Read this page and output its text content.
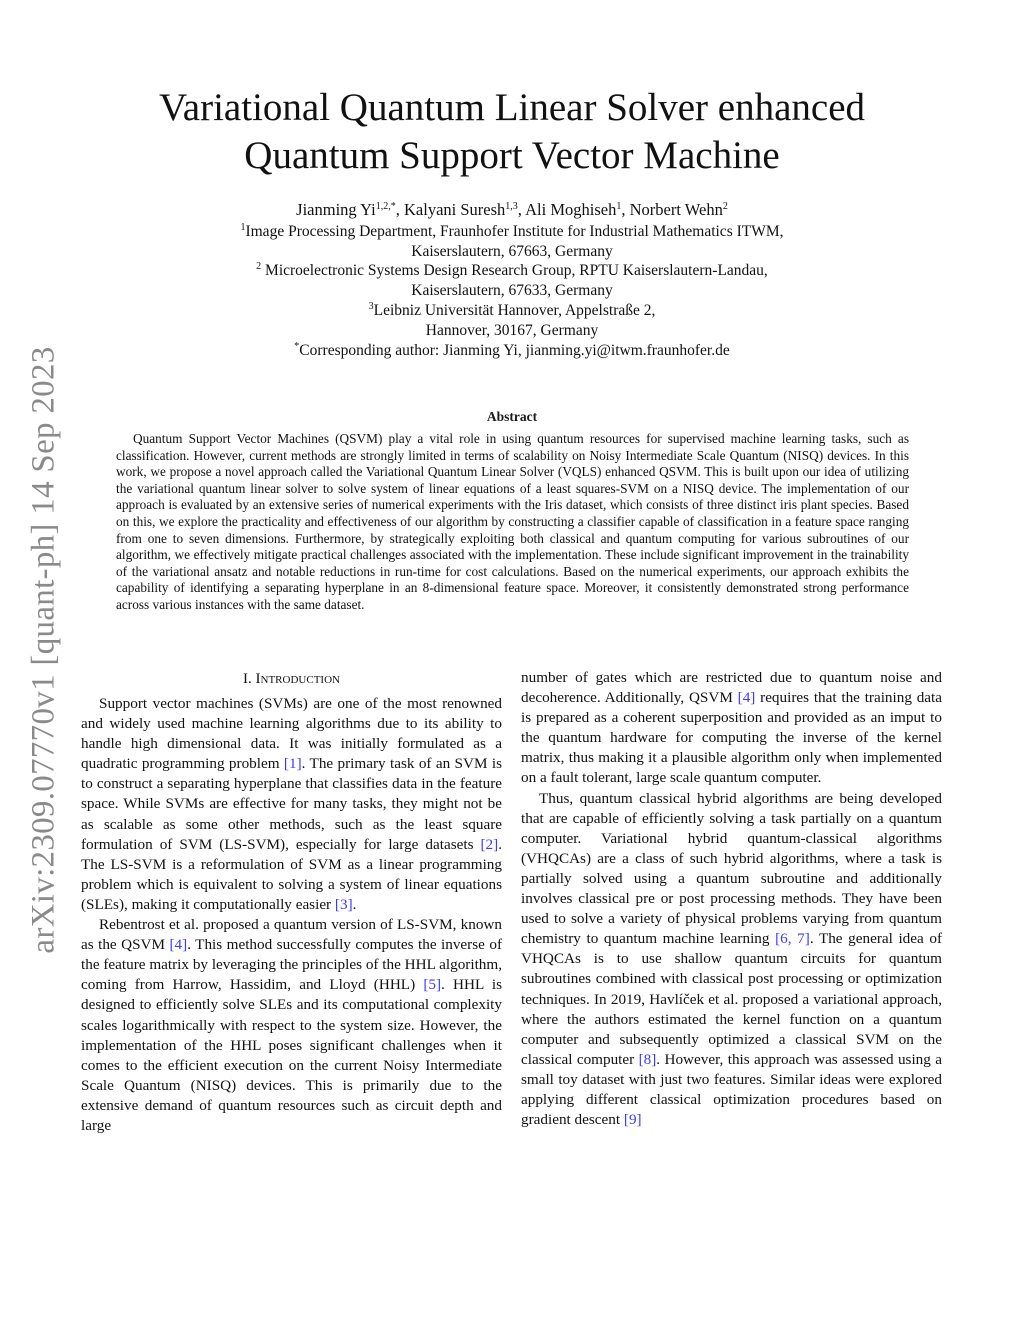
arXiv:2309.07770v1 [quant-ph] 14 Sep 2023
Variational Quantum Linear Solver enhanced
Quantum Support Vector Machine
Jianming $Yi^{1,2,*}$, Kalyani Suresh$^{1,3}$, Ali Moghiseh$^1$, Norbert Wehn$^2$
$^1$Image Processing Department, Fraunhofer Institute for Industrial Mathematics ITWM,
Kaiserslautern, 67663, Germany
$^2$ Microelectronic Systems Design Research Group, RPTU Kaiserslautern-Landau,
Kaiserslautern, 67633, Germany
$^3$Leibniz Universität Hannover, Appelstraße 2,
Hannover, 30167, Germany
*Corresponding author: Jianming Yi, jianming.yi@itwm.fraunhofer.de
Abstract
Quantum Support Vector Machines (QSVM) play a vital role in using quantum resources for supervised machine learning tasks, such as classification. However, current methods are strongly limited in terms of scalability on Noisy Intermediate Scale Quantum (NISQ) devices. In this work, we propose a novel approach called the Variational Quantum Linear Solver (VQLS) enhanced QSVM. This is built upon our idea of utilizing the variational quantum linear solver to solve system of linear equations of a least squares-SVM on a NISQ device. The implementation of our approach is evaluated by an extensive series of numerical experiments with the Iris dataset, which consists of three distinct iris plant species. Based on this, we explore the practicality and effectiveness of our algorithm by constructing a classifier capable of classification in a feature space ranging from one to seven dimensions. Furthermore, by strategically exploiting both classical and quantum computing for various subroutines of our algorithm, we effectively mitigate practical challenges associated with the implementation. These include significant improvement in the trainability of the variational ansatz and notable reductions in run-time for cost calculations. Based on the numerical experiments, our approach exhibits the capability of identifying a separating hyperplane in an 8-dimensional feature space. Moreover, it consistently demonstrated strong performance across various instances with the same dataset.
I. Introduction

Support vector machines (SVMs) are one of the most renowned and widely used machine learning algorithms due to its ability to handle high dimensional data. It was initially formulated as a quadratic programming problem [1]. The primary task of an SVM is to construct a separating hyperplane that classifies data in the feature space. While SVMs are effective for many tasks, they might not be as scalable as some other methods, such as the least square formulation of SVM (LS-SVM), especially for large datasets [2]. The LS-SVM is a reformulation of SVM as a linear programming problem which is equivalent to solving a system of linear equations (SLEs), making it computationally easier [3].

Rebentrost et al. proposed a quantum version of LS-SVM, known as the QSVM [4]. This method successfully computes the inverse of the feature matrix by leveraging the principles of the HHL algorithm, coming from Harrow, Hassidim, and Lloyd (HHL) [5]. HHL is designed to efficiently solve SLEs and its computational complexity scales logarithmically with respect to the system size. However, the implementation of the HHL poses significant challenges when it comes to the efficient execution on the current Noisy Intermediate Scale Quantum (NISQ) devices. This is primarily due to the extensive demand of quantum resources such as circuit depth and large

number of gates which are restricted due to quantum noise and decoherence. Additionally, QSVM [4] requires that the training data is prepared as a coherent superposition and provided as an imput to the quantum hardware for computing the inverse of the kernel matrix, thus making it a plausible algorithm only when implemented on a fault tolerant, large scale quantum computer.

Thus, quantum classical hybrid algorithms are being developed that are capable of efficiently solving a task partially on a quantum computer. Variational hybrid quantum-classical algorithms (VHQCAs) are a class of such hybrid algorithms, where a task is partially solved using a quantum subroutine and additionally involves classical pre or post processing methods. They have been used to solve a variety of physical problems varying from quantum chemistry to quantum machine learning [6, 7]. The general idea of VHQCAs is to use shallow quantum circuits for quantum subroutines combined with classical post processing or optimization techniques. In 2019, Havlíček et al. proposed a variational approach, where the authors estimated the kernel function on a quantum computer and subsequently optimized a classical SVM on the classical computer [8]. However, this approach was assessed using a small toy dataset with just two features. Similar ideas were explored applying different classical optimization procedures based on gradient descent [9]
